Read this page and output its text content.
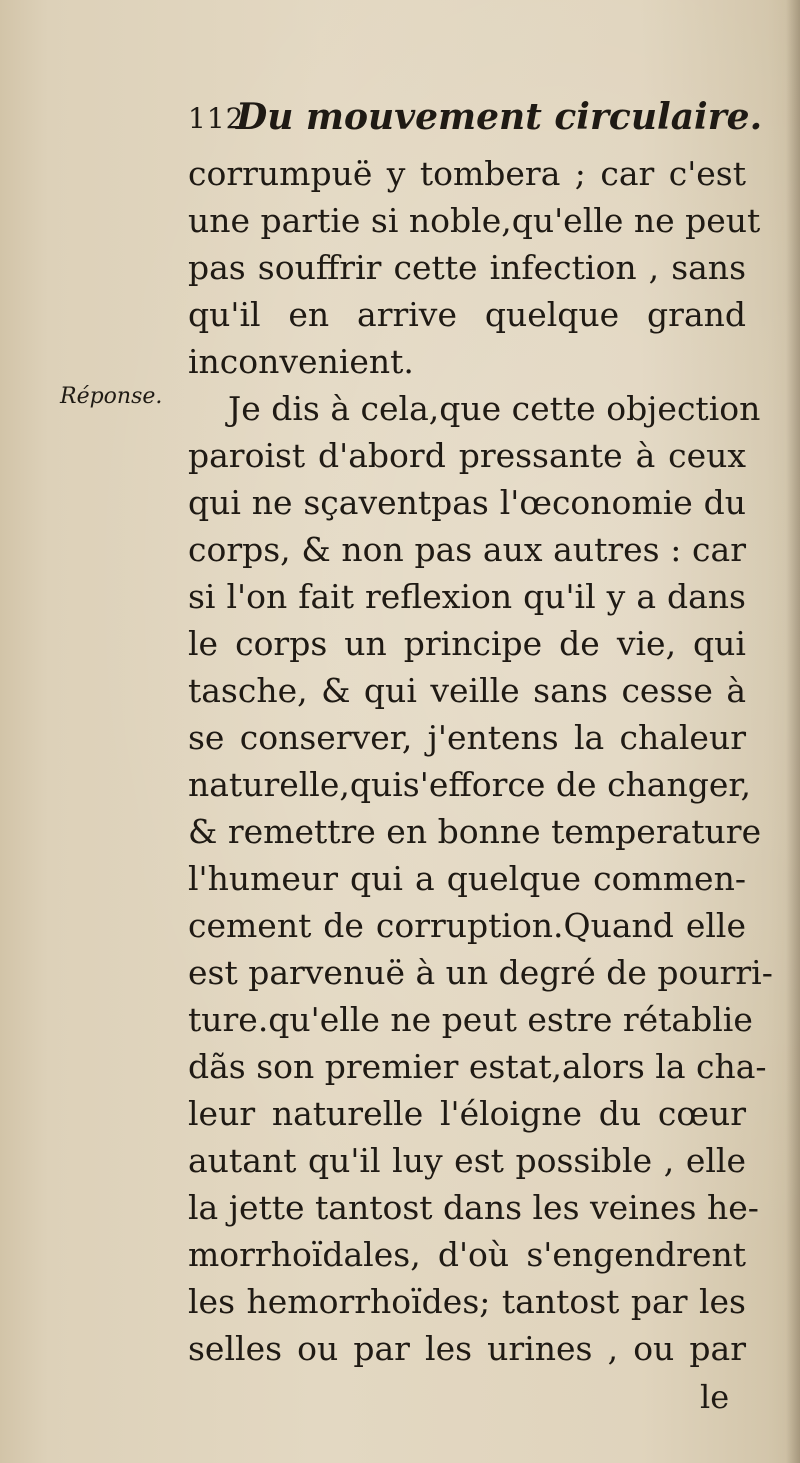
112
Du mouvement circulaire.
Réponse.
corrumpuë y tombera ; car c'est
une partie si noble,qu'elle ne peut
pas souffrir cette infection , sans
qu'il en arrive quelque grand
inconvenient.
Je dis à cela,que cette objection
paroist d'abord pressante à ceux
qui ne sçaventpas l'œconomie du
corps, & non pas aux autres : car
si l'on fait reflexion qu'il y a dans
le corps un principe de vie, qui
tasche, & qui veille sans cesse à
se conserver, j'entens la chaleur
naturelle,quis'efforce de changer,
& remettre en bonne temperature
l'humeur qui a quelque commen-
cement de corruption.Quand elle
est parvenuë à un degré de pourri-
ture.qu'elle ne peut estre rétablie
dãs son premier estat,alors la cha-
leur naturelle l'éloigne du cœur
autant qu'il luy est possible , elle
la jette tantost dans les veines he-
morrhoïdales, d'où s'engendrent
les hemorrhoïdes; tantost par les
selles ou par les urines , ou par
le
